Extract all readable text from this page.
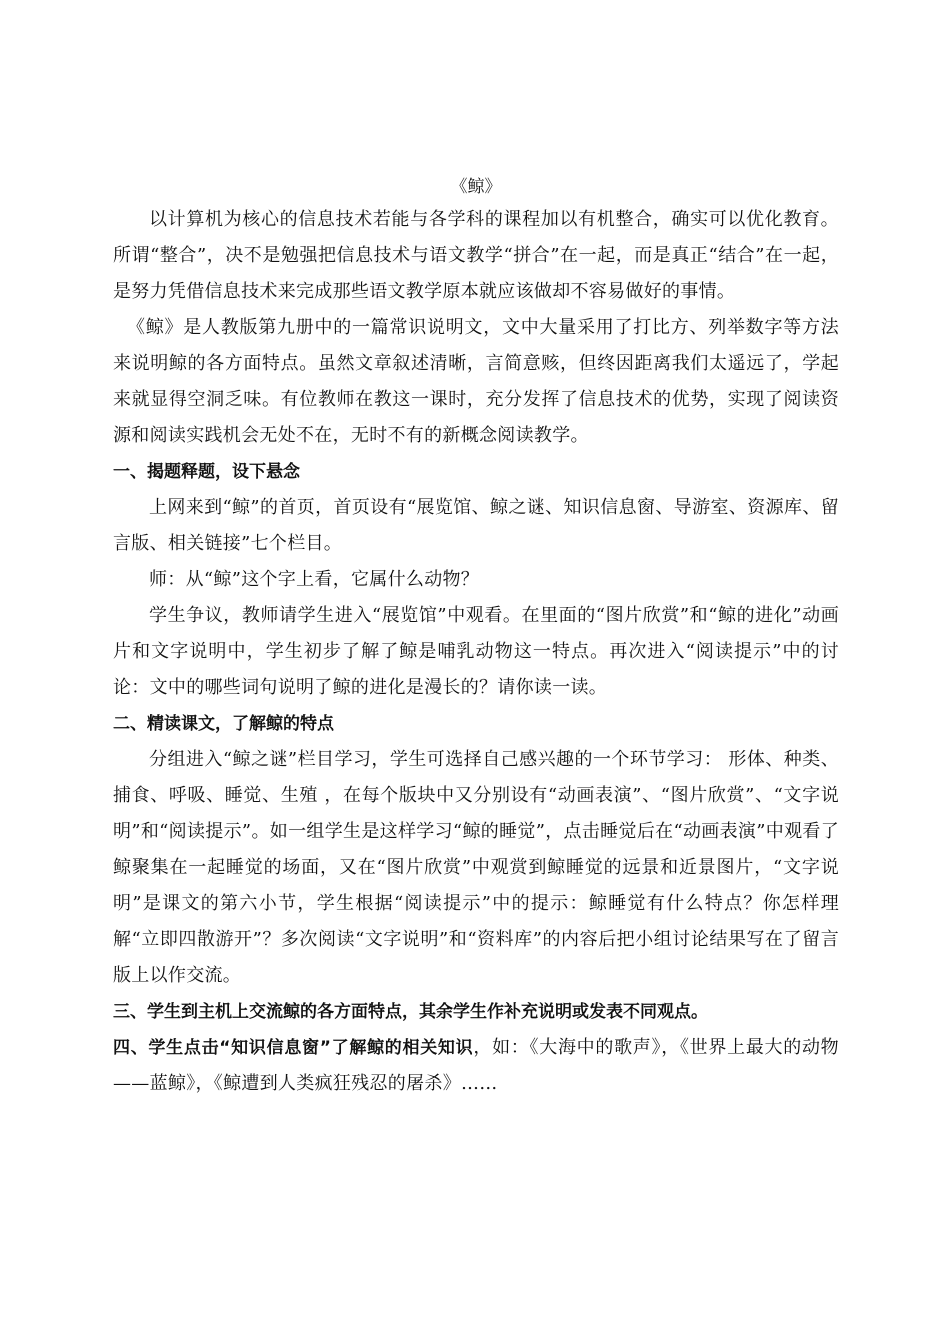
《鲸》

以计算机为核心的信息技术若能与各学科的课程加以有机整合，确实可以优化教育。所谓“整合”，决不是勉强把信息技术与语文教学“拼合”在一起，而是真正“结合”在一起，是努力凭借信息技术来完成那些语文教学原本就应该做却不容易做好的事情。

《鲸》是人教版第九册中的一篇常识说明文，文中大量采用了打比方、列举数字等方法来说明鲸的各方面特点。虽然文章叙述清晰，言简意赅，但终因距离我们太遥远了，学起来就显得空洞乏味。有位教师在教这一课时，充分发挥了信息技术的优势，实现了阅读资源和阅读实践机会无处不在，无时不有的新概念阅读教学。

一、揭题释题，设下悬念

上网来到“鲸”的首页，首页设有“展览馆、鲸之谜、知识信息窗、导游室、资源库、留言版、相关链接”七个栏目。

师：从“鲸”这个字上看，它属什么动物？

学生争议，教师请学生进入“展览馆”中观看。在里面的“图片欣赏”和“鲸的进化”动画片和文字说明中，学生初步了解了鲸是哺乳动物这一特点。再次进入“阅读提示”中的讨论：文中的哪些词句说明了鲸的进化是漫长的？请你读一读。

二、精读课文，了解鲸的特点

分组进入“鲸之谜”栏目学习，学生可选择自己感兴趣的一个环节学习： 形体、种类、捕食、呼吸、睡觉、生殖 ，在每个版块中又分别设有“动画表演”、“图片欣赏”、“文字说明”和“阅读提示”。如一组学生是这样学习“鲸的睡觉”，点击睡觉后在“动画表演”中观看了鲸聚集在一起睡觉的场面，又在“图片欣赏”中观赏到鲸睡觉的远景和近景图片，“文字说明”是课文的第六小节，学生根据“阅读提示”中的提示：鲸睡觉有什么特点？你怎样理解“立即四散游开”？多次阅读“文字说明”和“资料库”的内容后把小组讨论结果写在了留言版上以作交流。

三、学生到主机上交流鲸的各方面特点，其余学生作补充说明或发表不同观点。

四、学生点击“知识信息窗”了解鲸的相关知识，如：《大海中的歌声》，《世界上最大的动物——蓝鲸》，《鲸遭到人类疯狂残忍的屠杀》……
